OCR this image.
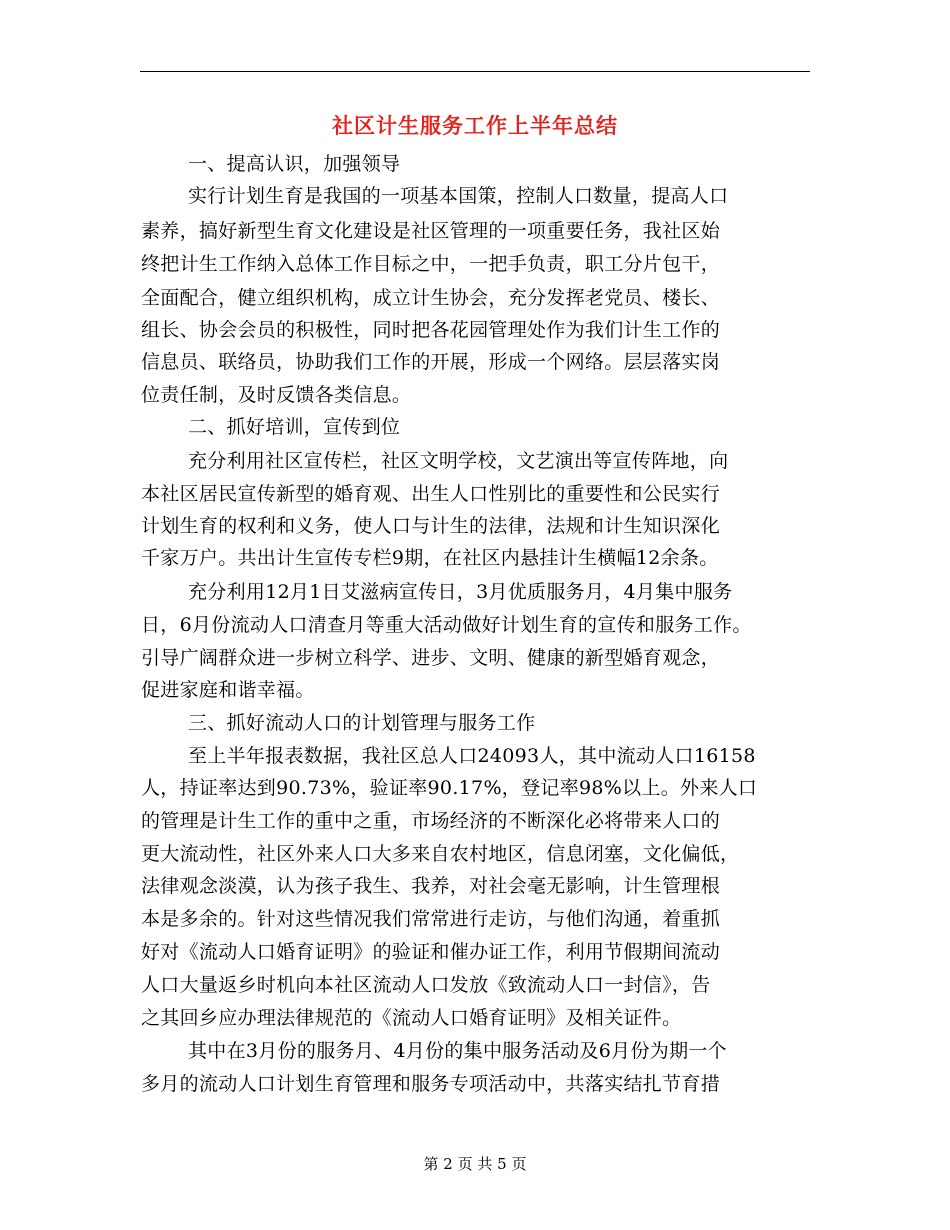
社区计生服务工作上半年总结
一、提高认识，加强领导
实行计划生育是我国的一项基本国策，控制人口数量，提高人口
素养，搞好新型生育文化建设是社区管理的一项重要任务，我社区始
终把计生工作纳入总体工作目标之中，一把手负责，职工分片包干，
全面配合，健立组织机构，成立计生协会，充分发挥老党员、楼长、
组长、协会会员的积极性，同时把各花园管理处作为我们计生工作的
信息员、联络员，协助我们工作的开展，形成一个网络。层层落实岗
位责任制，及时反馈各类信息。
二、抓好培训，宣传到位
充分利用社区宣传栏，社区文明学校，文艺演出等宣传阵地，向
本社区居民宣传新型的婚育观、出生人口性别比的重要性和公民实行
计划生育的权利和义务，使人口与计生的法律，法规和计生知识深化
千家万户。共出计生宣传专栏9期，在社区内悬挂计生横幅12余条。
充分利用12月1日艾滋病宣传日，3月优质服务月，4月集中服务
日，6月份流动人口清查月等重大活动做好计划生育的宣传和服务工作。
引导广阔群众进一步树立科学、进步、文明、健康的新型婚育观念，
促进家庭和谐幸福。
三、抓好流动人口的计划管理与服务工作
至上半年报表数据，我社区总人口24093人，其中流动人口16158
人，持证率达到90.73%，验证率90.17%，登记率98%以上。外来人口
的管理是计生工作的重中之重，市场经济的不断深化必将带来人口的
更大流动性，社区外来人口大多来自农村地区，信息闭塞，文化偏低，
法律观念淡漠，认为孩子我生、我养，对社会毫无影响，计生管理根
本是多余的。针对这些情况我们常常进行走访，与他们沟通，着重抓
好对《流动人口婚育证明》的验证和催办证工作，利用节假期间流动
人口大量返乡时机向本社区流动人口发放《致流动人口一封信》，告
之其回乡应办理法律规范的《流动人口婚育证明》及相关证件。
其中在3月份的服务月、4月份的集中服务活动及6月份为期一个
多月的流动人口计划生育管理和服务专项活动中，共落实结扎节育措
第 2 页 共 5 页
